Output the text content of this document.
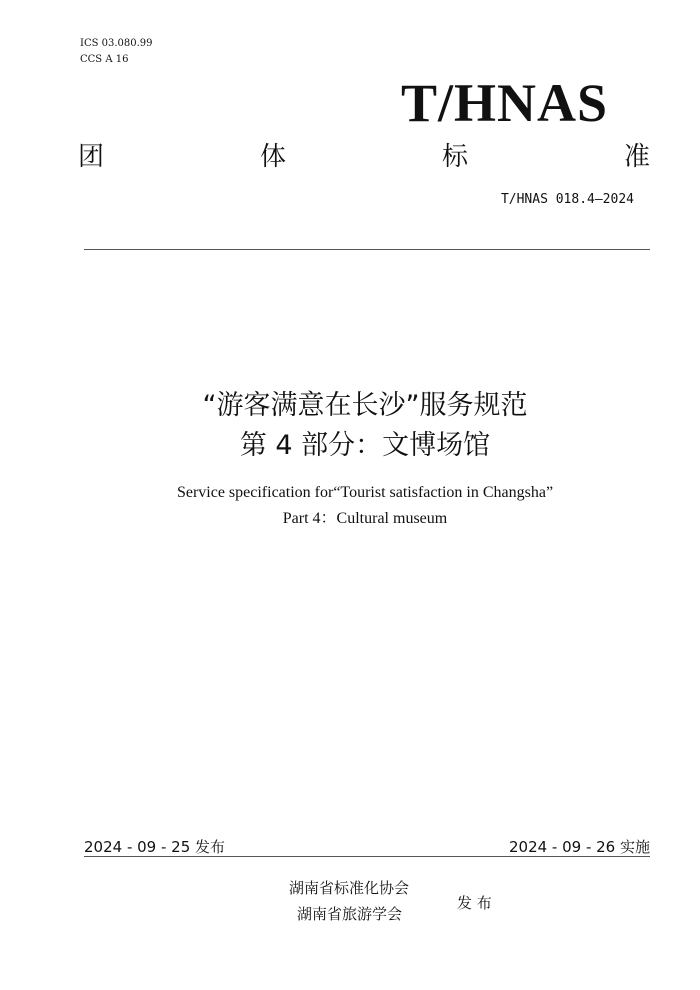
ICS 03.080.99
CCS A 16
T/HNAS
团	体	标	准
T/HNAS 018.4—2024
“游客满意在长沙”服务规范
第 4 部分：文博场馆
Service specification for“Tourist satisfaction in Changsha”
Part 4：Cultural museum
2024 - 09 - 25 发布	2024 - 09 - 26 实施
湖南省标准化协会
湖南省旅游学会
发 布
